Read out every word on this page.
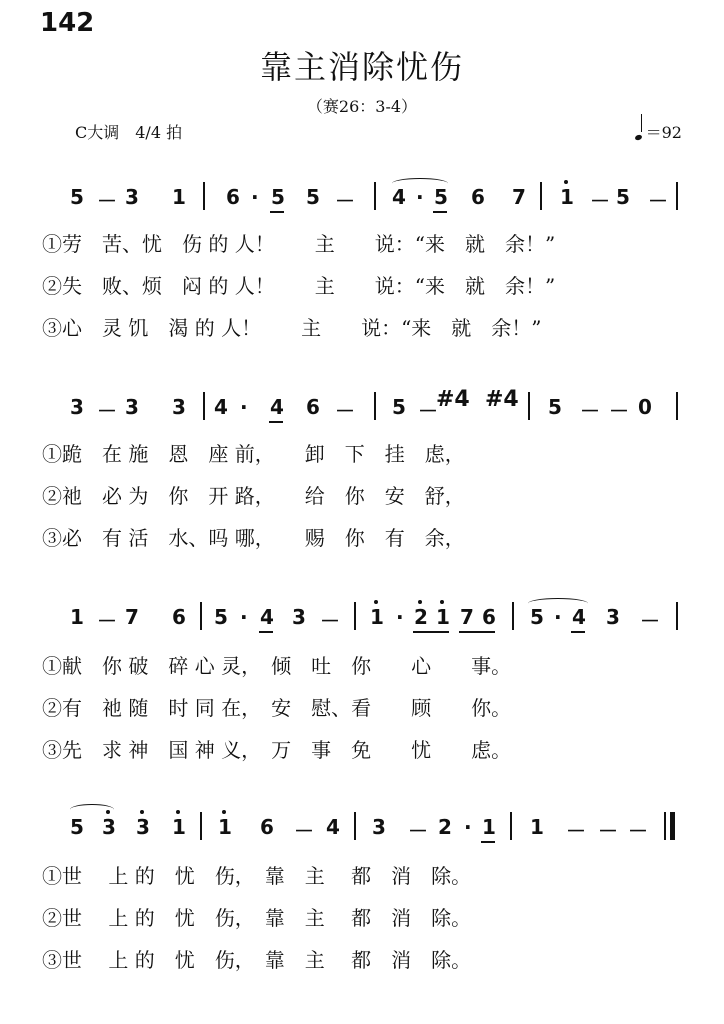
142
靠主消除忧伤
（赛26：3-4）
C大调　4/4 拍	＝92
5 － 3 1 6 · 5 5 － 4 · 5 6 7 1 － 5 －
①劳　苦、忧　伤 的 人！　　主　　说：“来　就　余！”
②失　败、烦　闷 的 人！　　主　　说：“来　就　余！”
③心　灵 饥　渴 的 人！　　主　　说：“来　就　余！”
3 － 3 3 4 · 4 6 － 5 －
#4 #4 5 － － 0
①跪　在 施　恩　座 前，　　卸　下　挂　虑，
②祂　必 为　你　开 路，　　给　你　安　舒，
③必　有 活　水、吗 哪，　　赐　你　有　余，
1 － 7 6 5 · 4 3 － 1 · 2 1 7 6 5 · 4 3 －
①献　你 破　碎 心 灵，　倾　吐　你　　心　　事。
②有　祂 随　时 同 在，　安　慰、看　　顾　　你。
③先　求 神　国 神 义，　万　事　免　　忧　　虑。
5 3 3 1 1 6 － 4 3 － 2 · 1 1 － － －
①世　 上 的　忧　伤，　靠　主　 都　消　除。
②世　 上 的　忧　伤，　靠　主　 都　消　除。
③世　 上 的　忧　伤，　靠　主　 都　消　除。
